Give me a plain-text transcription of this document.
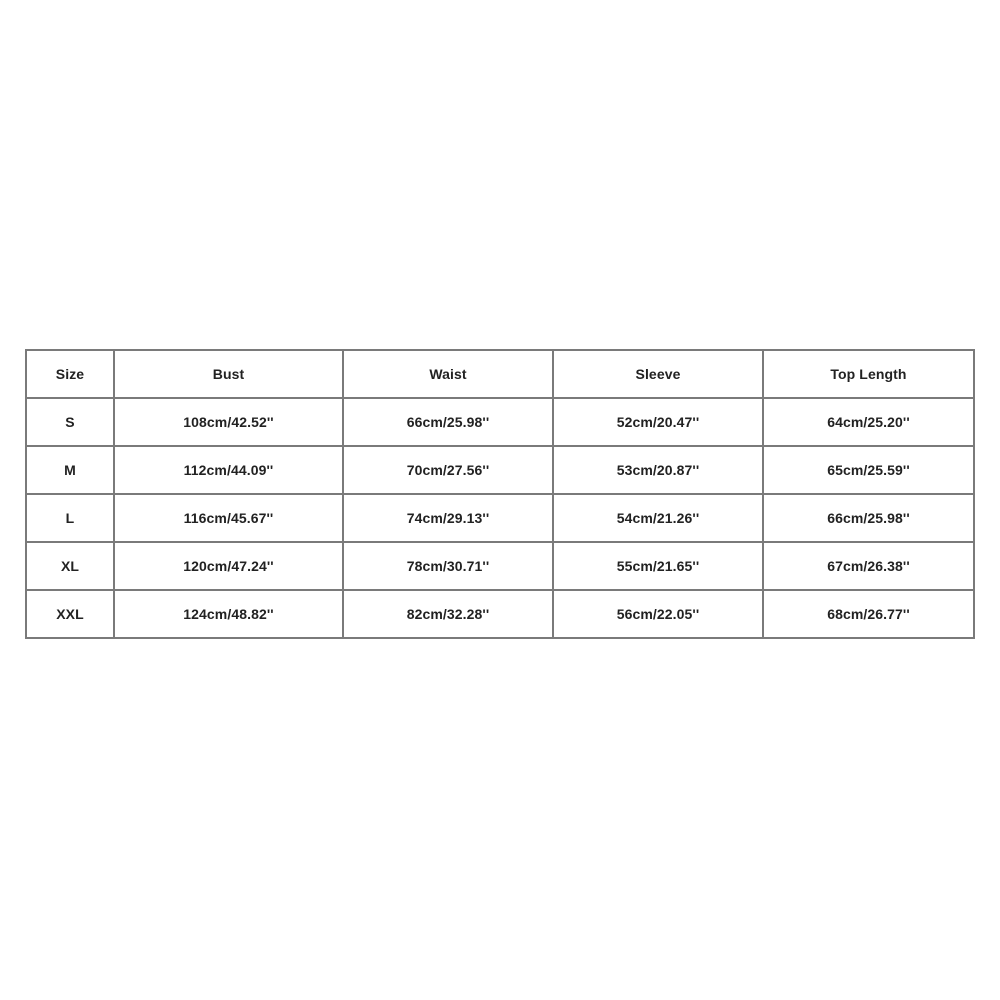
Size	Bust	Waist	Sleeve	Top Length
S	108cm/42.52''	66cm/25.98''	52cm/20.47''	64cm/25.20''
M	112cm/44.09''	70cm/27.56''	53cm/20.87''	65cm/25.59''
L	116cm/45.67''	74cm/29.13''	54cm/21.26''	66cm/25.98''
XL	120cm/47.24''	78cm/30.71''	55cm/21.65''	67cm/26.38''
XXL	124cm/48.82''	82cm/32.28''	56cm/22.05''	68cm/26.77''
